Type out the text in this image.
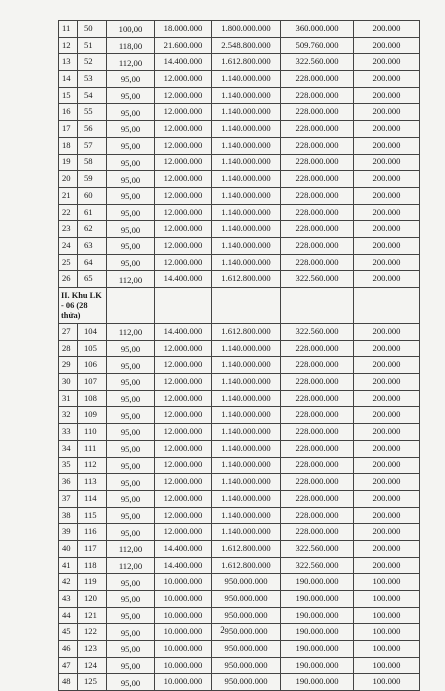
11	50	100,00	18.000.000	1.800.000.000	360.000.000	200.000
12	51	118,00	21.600.000	2.548.800.000	509.760.000	200.000
13	52	112,00	14.400.000	1.612.800.000	322.560.000	200.000
14	53	95,00	12.000.000	1.140.000.000	228.000.000	200.000
15	54	95,00	12.000.000	1.140.000.000	228.000.000	200.000
16	55	95,00	12.000.000	1.140.000.000	228.000.000	200.000
17	56	95,00	12.000.000	1.140.000.000	228.000.000	200.000
18	57	95,00	12.000.000	1.140.000.000	228.000.000	200.000
19	58	95,00	12.000.000	1.140.000.000	228.000.000	200.000
20	59	95,00	12.000.000	1.140.000.000	228.000.000	200.000
21	60	95,00	12.000.000	1.140.000.000	228.000.000	200.000
22	61	95,00	12.000.000	1.140.000.000	228.000.000	200.000
23	62	95,00	12.000.000	1.140.000.000	228.000.000	200.000
24	63	95,00	12.000.000	1.140.000.000	228.000.000	200.000
25	64	95,00	12.000.000	1.140.000.000	228.000.000	200.000
26	65	112,00	14.400.000	1.612.800.000	322.560.000	200.000
II. Khu LK - 06 (28 thửa)						
27	104	112,00	14.400.000	1.612.800.000	322.560.000	200.000
28	105	95,00	12.000.000	1.140.000.000	228.000.000	200.000
29	106	95,00	12.000.000	1.140.000.000	228.000.000	200.000
30	107	95,00	12.000.000	1.140.000.000	228.000.000	200.000
31	108	95,00	12.000.000	1.140.000.000	228.000.000	200.000
32	109	95,00	12.000.000	1.140.000.000	228.000.000	200.000
33	110	95,00	12.000.000	1.140.000.000	228.000.000	200.000
34	111	95,00	12.000.000	1.140.000.000	228.000.000	200.000
35	112	95,00	12.000.000	1.140.000.000	228.000.000	200.000
36	113	95,00	12.000.000	1.140.000.000	228.000.000	200.000
37	114	95,00	12.000.000	1.140.000.000	228.000.000	200.000
38	115	95,00	12.000.000	1.140.000.000	228.000.000	200.000
39	116	95,00	12.000.000	1.140.000.000	228.000.000	200.000
40	117	112,00	14.400.000	1.612.800.000	322.560.000	200.000
41	118	112,00	14.400.000	1.612.800.000	322.560.000	200.000
42	119	95,00	10.000.000	950.000.000	190.000.000	100.000
43	120	95,00	10.000.000	950.000.000	190.000.000	100.000
44	121	95,00	10.000.000	950.000.000	190.000.000	100.000
45	122	95,00	10.000.000	950.000.000	190.000.000	100.000
46	123	95,00	10.000.000	950.000.000	190.000.000	100.000
47	124	95,00	10.000.000	950.000.000	190.000.000	100.000
48	125	95,00	10.000.000	950.000.000	190.000.000	100.000
2
